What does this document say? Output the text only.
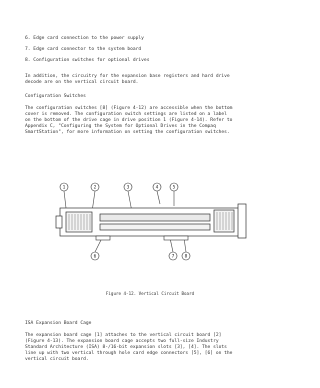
6. Edge card connection to the power supply
7. Edge card connector to the system board
8. Configuration switches for optional drives
In addition, the circuitry for the expansion base registers and hard drive
decode are on the vertical circuit board.
Configuration Switches
The configuration switches [8] (Figure 4-12) are accessible when the bottom
cover is removed. The configuration switch settings are listed on a label
on the bottom of the drive cage in drive position 1 (Figure 4-14). Refer to
Appendix C, "Configuring the System for Optional Drives in the Compaq
SmartStation", for more information on setting the configuration switches.
1	2	3	4	5
6	7 8
Figure 4-12. Vertical Circuit Board
ISA Expansion Board Cage
The expansion board cage [1] attaches to the vertical circuit board [2]
(Figure 4-13). The expansion board cage accepts two full-size Industry
Standard Architecture (ISA) 8-/16-bit expansion slots [3], [4]. The slots
line up with two vertical through hole card edge connectors [5], [6] on the
vertical circuit board.
